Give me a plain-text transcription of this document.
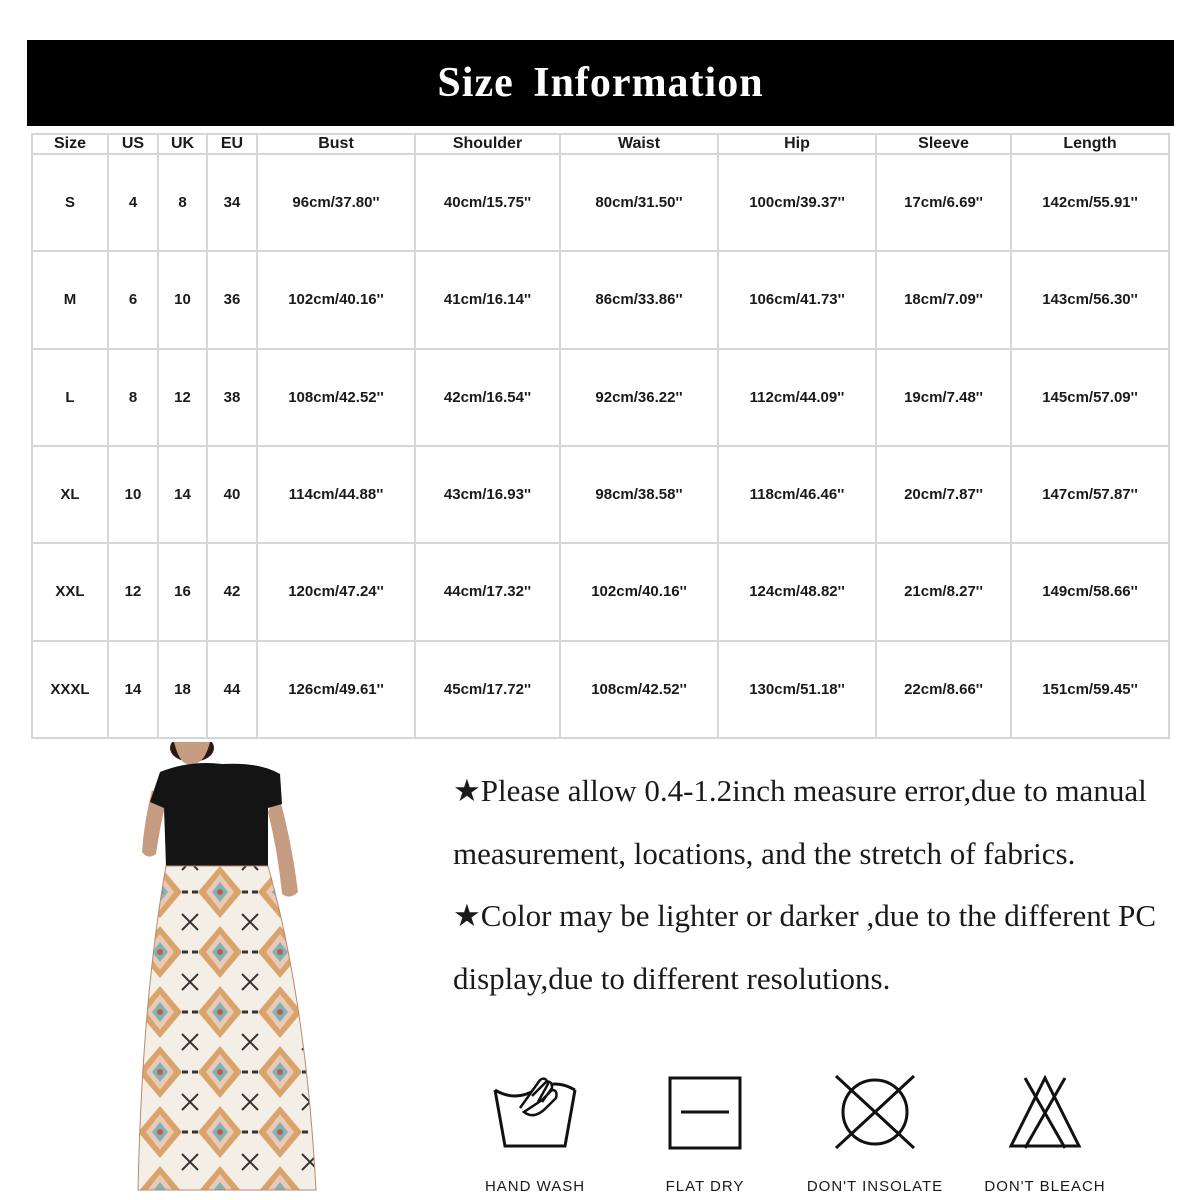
Size Information
Size	US	UK	EU	Bust	Shoulder	Waist	Hip	Sleeve	Length
S	4	8	34	96cm/37.80''	40cm/15.75''	80cm/31.50''	100cm/39.37''	17cm/6.69''	142cm/55.91''
M	6	10	36	102cm/40.16''	41cm/16.14''	86cm/33.86''	106cm/41.73''	18cm/7.09''	143cm/56.30''
L	8	12	38	108cm/42.52''	42cm/16.54''	92cm/36.22''	112cm/44.09''	19cm/7.48''	145cm/57.09''
XL	10	14	40	114cm/44.88''	43cm/16.93''	98cm/38.58''	118cm/46.46''	20cm/7.87''	147cm/57.87''
XXL	12	16	42	120cm/47.24''	44cm/17.32''	102cm/40.16''	124cm/48.82''	21cm/8.27''	149cm/58.66''
XXXL	14	18	44	126cm/49.61''	45cm/17.72''	108cm/42.52''	130cm/51.18''	22cm/8.66''	151cm/59.45''

★Please allow 0.4-1.2inch measure error,due to manual measurement, locations, and the stretch of fabrics.

★Color may be lighter or darker ,due to the different PC display,due to different resolutions.

HAND WASH	FLAT DRY	DON'T INSOLATE	DON'T BLEACH
